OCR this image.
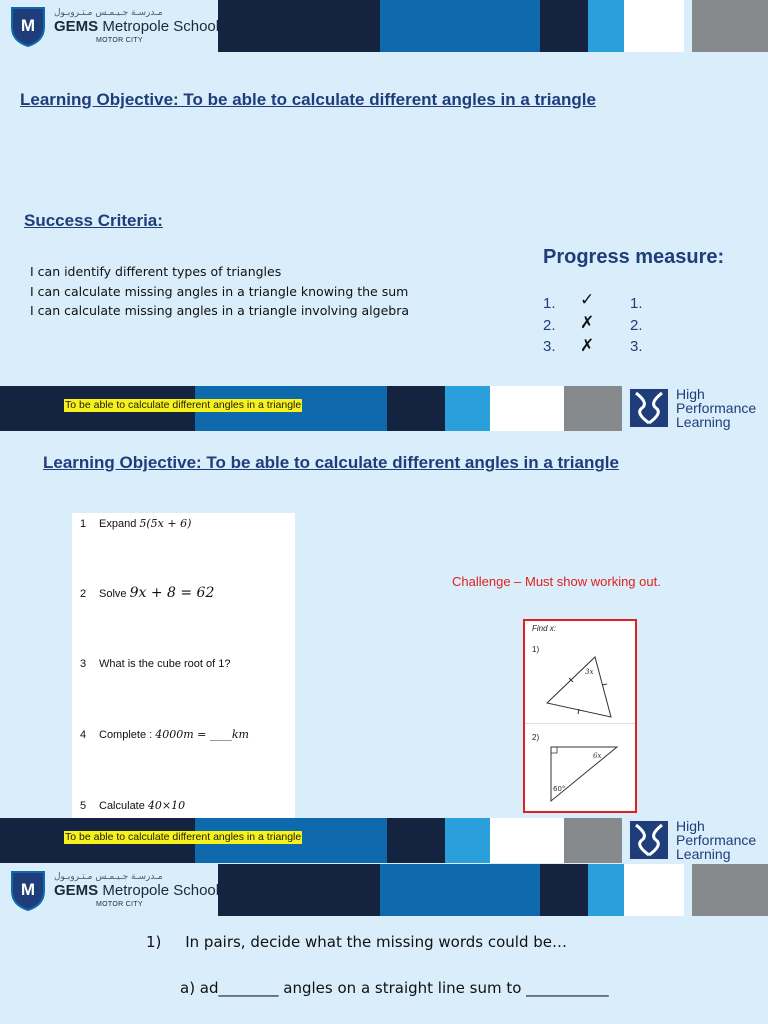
M
مـدرسـة جـيـمـس مـتـروبـول
GEMS Metropole School
MOTOR CITY
Learning Objective: To be able to calculate different angles in a triangle
Success Criteria:
I can identify different types of triangles
I can calculate missing angles in a triangle knowing the sum
I can calculate missing angles in a triangle involving algebra
Progress measure:
1.
2.
3.
✓
✗
✗
1.
2.
3.
To be able to calculate different angles in a triangle
High
Performance
Learning
Learning Objective: To be able to calculate different angles in a triangle
1 Expand 5(5x + 6)
2 Solve 9x + 8 = 62
3 What is the cube root of 1?
4 Complete : 4000m = ____km
5 Calculate 40×10
Challenge – Must show working out.
Find x:
1)
3x
2)
6x
60°
To be able to calculate different angles in a triangle
High
Performance
Learning
M
مـدرسـة جـيـمـس مـتـروبـول
GEMS Metropole School
MOTOR CITY
1)     In pairs, decide what the missing words could be…
a) ad________ angles on a straight line sum to ___________
